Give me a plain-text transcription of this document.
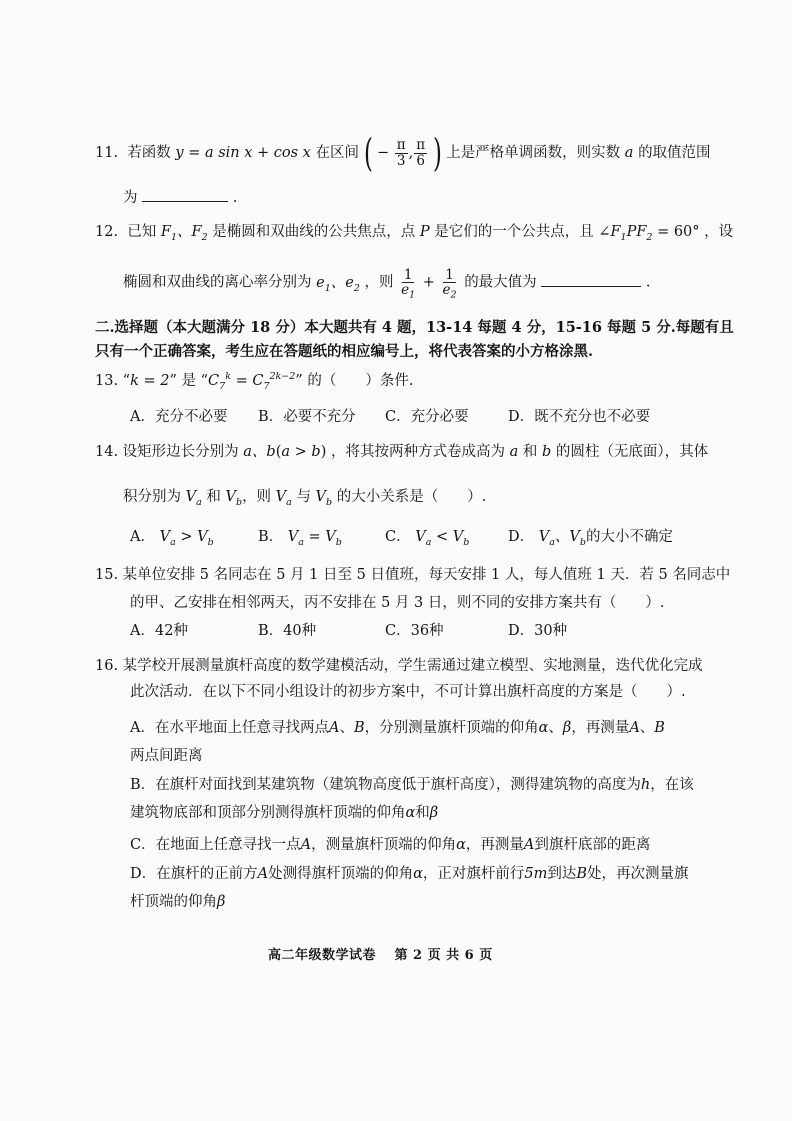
11. 若函数 y = a sin x + cos x 在区间 ( − $\frac{\pi}{3}$ , $\frac{\pi}{6}$ ) 上是严格单调函数，则实数 a 的取值范围
为	.
12. 已知 $F_1$、$F_2$ 是椭圆和双曲线的公共焦点，点 P 是它们的一个公共点，且 $\angle F_1PF_2 = 60^\circ$ ，设
椭圆和双曲线的离心率分别为 $e_1$、$e_2$ ，则 $\frac{1}{e_1} + \frac{1}{e_2}$ 的最大值为	.
二.选择题（本大题满分 18 分）本大题共有 4 题，13-14 每题 4 分，15-16 每题 5 分.每题有且
只有一个正确答案，考生应在答题纸的相应编号上，将代表答案的小方格涂黑.
13. “k = 2” 是 “$C_7^k = C_7^{2k-2}$” 的（　　）条件.
A．充分不必要 B．必要不充分 C．充分必要	D．既不充分也不必要
14. 设矩形边长分别为 a、b(a > b) ，将其按两种方式卷成高为 a 和 b 的圆柱（无底面），其体
积分别为 $V_a$ 和 $V_b$，则 $V_a$ 与 $V_b$ 的大小关系是（　　）.
A． $V_a > V_b$	B． $V_a = V_b$	C． $V_a < V_b$	D． $V_a$、$V_b$的大小不确定
15. 某单位安排 5 名同志在 5 月 1 日至 5 日值班，每天安排 1 人，每人值班 1 天．若 5 名同志中
的甲、乙安排在相邻两天，丙不安排在 5 月 3 日，则不同的安排方案共有（　　）.
A．42种	B．40种	C．36种	D．30种
16. 某学校开展测量旗杆高度的数学建模活动，学生需通过建立模型、实地测量，迭代优化完成
此次活动．在以下不同小组设计的初步方案中，不可计算出旗杆高度的方案是（　　）.
A．在水平地面上任意寻找两点A、B，分别测量旗杆顶端的仰角α、β，再测量A、B
两点间距离
B．在旗杆对面找到某建筑物（建筑物高度低于旗杆高度），测得建筑物的高度为h，在该
建筑物底部和顶部分别测得旗杆顶端的仰角α和β
C．在地面上任意寻找一点A，测量旗杆顶端的仰角α，再测量A到旗杆底部的距离
D．在旗杆的正前方A处测得旗杆顶端的仰角α，正对旗杆前行5m到达B处，再次测量旗
杆顶端的仰角β
高二年级数学试卷　 第 2 页 共 6 页
